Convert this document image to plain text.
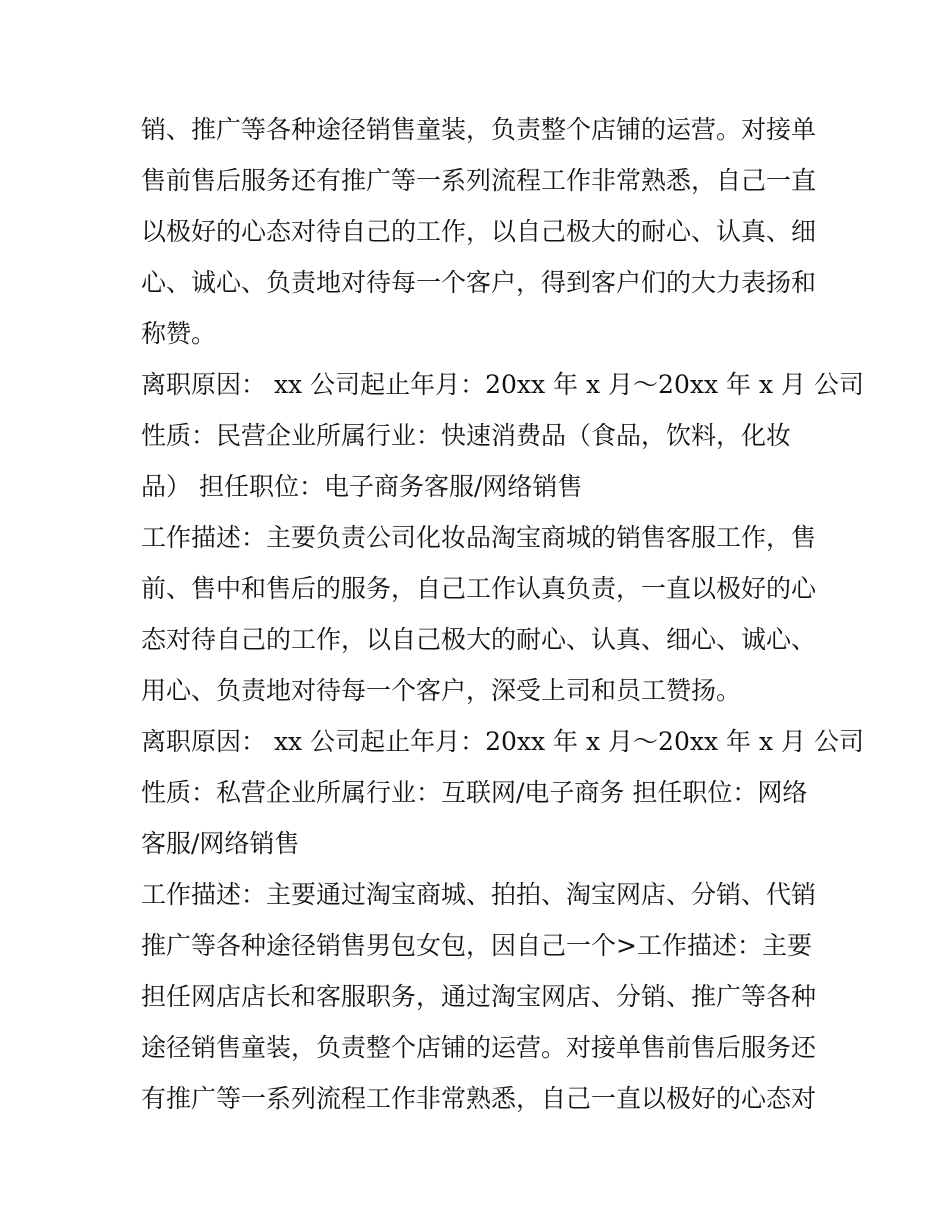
销、推广等各种途径销售童装，负责整个店铺的运营。对接单
售前售后服务还有推广等一系列流程工作非常熟悉，自己一直
以极好的心态对待自己的工作，以自己极大的耐心、认真、细
心、诚心、负责地对待每一个客户，得到客户们的大力表扬和
称赞。
离职原因： xx 公司起止年月：20xx 年 x 月～20xx 年 x 月 公司
性质：民营企业所属行业：快速消费品（食品，饮料，化妆
品） 担任职位：电子商务客服/网络销售
工作描述：主要负责公司化妆品淘宝商城的销售客服工作，售
前、售中和售后的服务，自己工作认真负责，一直以极好的心
态对待自己的工作，以自己极大的耐心、认真、细心、诚心、
用心、负责地对待每一个客户，深受上司和员工赞扬。
离职原因： xx 公司起止年月：20xx 年 x 月～20xx 年 x 月 公司
性质：私营企业所属行业：互联网/电子商务 担任职位：网络
客服/网络销售
工作描述：主要通过淘宝商城、拍拍、淘宝网店、分销、代销
推广等各种途径销售男包女包，因自己一个>工作描述：主要
担任网店店长和客服职务，通过淘宝网店、分销、推广等各种
途径销售童装，负责整个店铺的运营。对接单售前售后服务还
有推广等一系列流程工作非常熟悉，自己一直以极好的心态对
